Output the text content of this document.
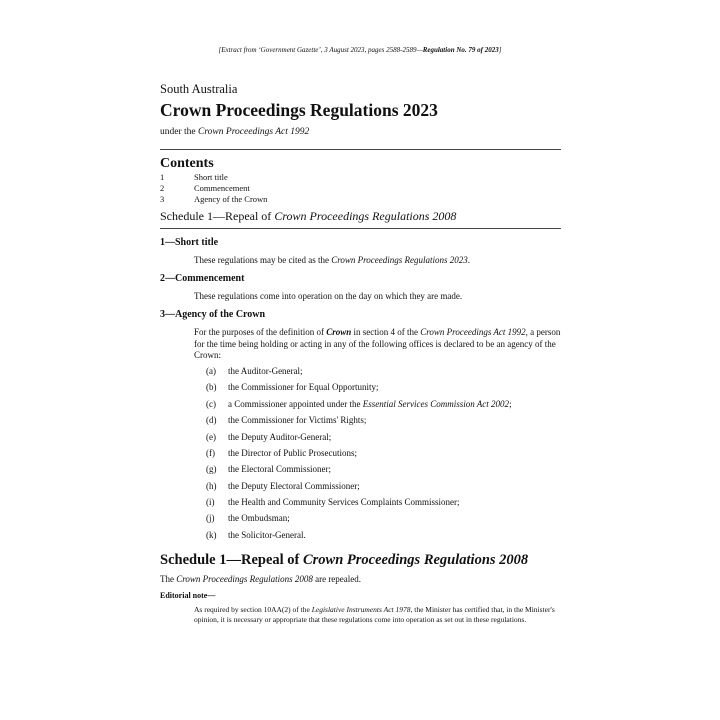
[Extract from ‘Government Gazette’, 3 August 2023, pages 2588-2589—Regulation No. 79 of 2023]
South Australia
Crown Proceedings Regulations 2023
under the Crown Proceedings Act 1992
Contents
1	Short title
2	Commencement
3	Agency of the Crown
Schedule 1—Repeal of Crown Proceedings Regulations 2008
1—Short title
These regulations may be cited as the Crown Proceedings Regulations 2023.
2—Commencement
These regulations come into operation on the day on which they are made.
3—Agency of the Crown
For the purposes of the definition of Crown in section 4 of the Crown Proceedings Act 1992, a person for the time being holding or acting in any of the following offices is declared to be an agency of the Crown:
(a) the Auditor-General;
(b) the Commissioner for Equal Opportunity;
(c) a Commissioner appointed under the Essential Services Commission Act 2002;
(d) the Commissioner for Victims' Rights;
(e) the Deputy Auditor-General;
(f) the Director of Public Prosecutions;
(g) the Electoral Commissioner;
(h) the Deputy Electoral Commissioner;
(i) the Health and Community Services Complaints Commissioner;
(j) the Ombudsman;
(k) the Solicitor-General.
Schedule 1—Repeal of Crown Proceedings Regulations 2008
The Crown Proceedings Regulations 2008 are repealed.
Editorial note—
As required by section 10AA(2) of the Legislative Instruments Act 1978, the Minister has certified that, in the Minister's opinion, it is necessary or appropriate that these regulations come into operation as set out in these regulations.
